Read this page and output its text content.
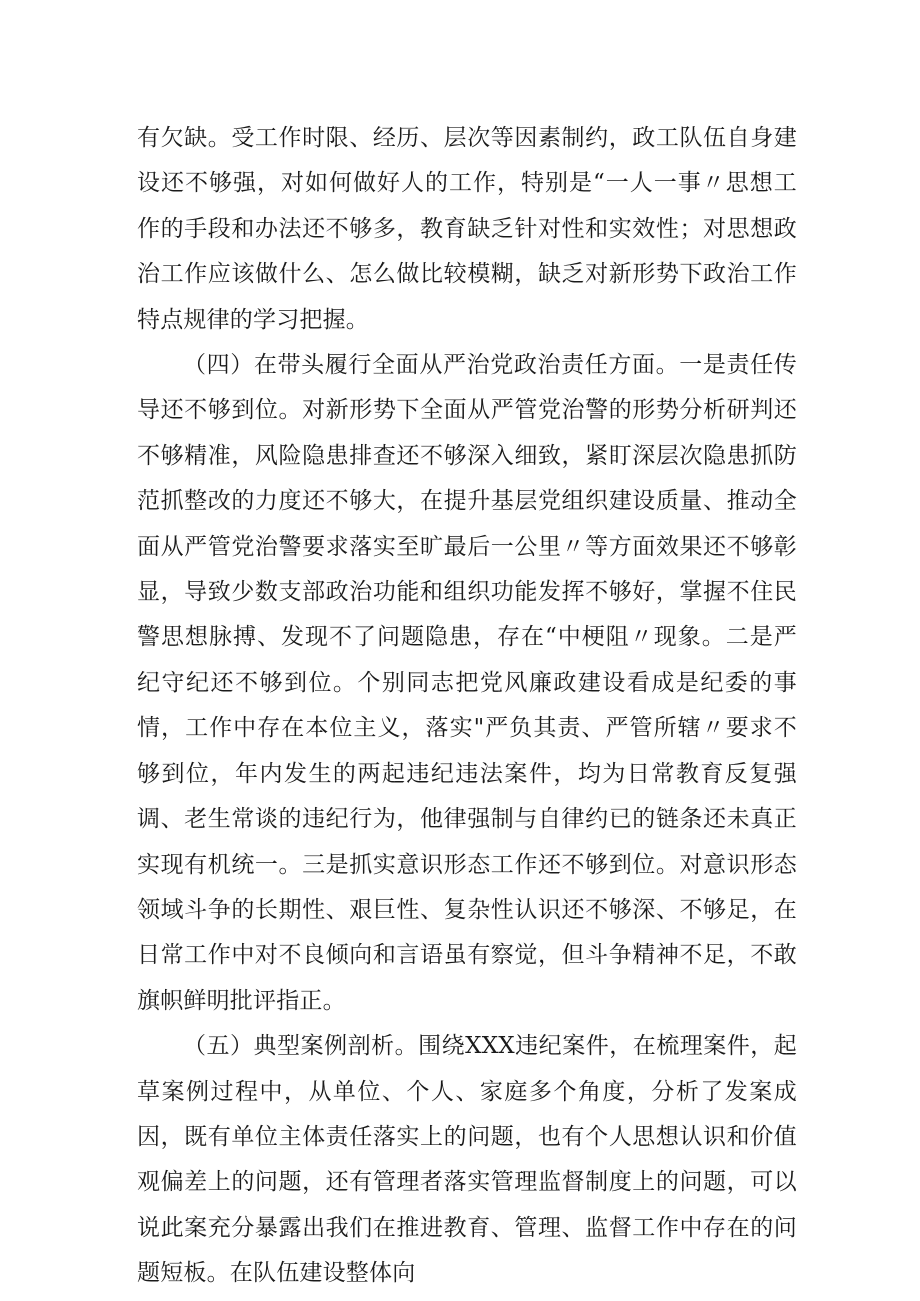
有欠缺。受工作时限、经历、层次等因素制约，政工队伍自身建设还不够强，对如何做好人的工作，特别是“一人一事〃思想工作的手段和办法还不够多，教育缺乏针对性和实效性；对思想政治工作应该做什么、怎么做比较模糊，缺乏对新形势下政治工作特点规律的学习把握。

（四）在带头履行全面从严治党政治责任方面。一是责任传导还不够到位。对新形势下全面从严管党治警的形势分析研判还不够精准，风险隐患排查还不够深入细致，紧盯深层次隐患抓防范抓整改的力度还不够大，在提升基层党组织建设质量、推动全面从严管党治警要求落实至旷最后一公里〃等方面效果还不够彰显，导致少数支部政治功能和组织功能发挥不够好，掌握不住民警思想脉搏、发现不了问题隐患，存在“中梗阻〃现象。二是严纪守纪还不够到位。个别同志把党风廉政建设看成是纪委的事情，工作中存在本位主义，落实"严负其责、严管所辖〃要求不够到位，年内发生的两起违纪违法案件，均为日常教育反复强调、老生常谈的违纪行为，他律强制与自律约已的链条还未真正实现有机统一。三是抓实意识形态工作还不够到位。对意识形态领域斗争的长期性、艰巨性、复杂性认识还不够深、不够足，在日常工作中对不良倾向和言语虽有察觉，但斗争精神不足，不敢旗帜鲜明批评指正。

（五）典型案例剖析。围绕XXX违纪案件，在梳理案件，起草案例过程中，从单位、个人、家庭多个角度，分析了发案成因，既有单位主体责任落实上的问题，也有个人思想认识和价值观偏差上的问题，还有管理者落实管理监督制度上的问题，可以说此案充分暴露出我们在推进教育、管理、监督工作中存在的问题短板。在队伍建设整体向
